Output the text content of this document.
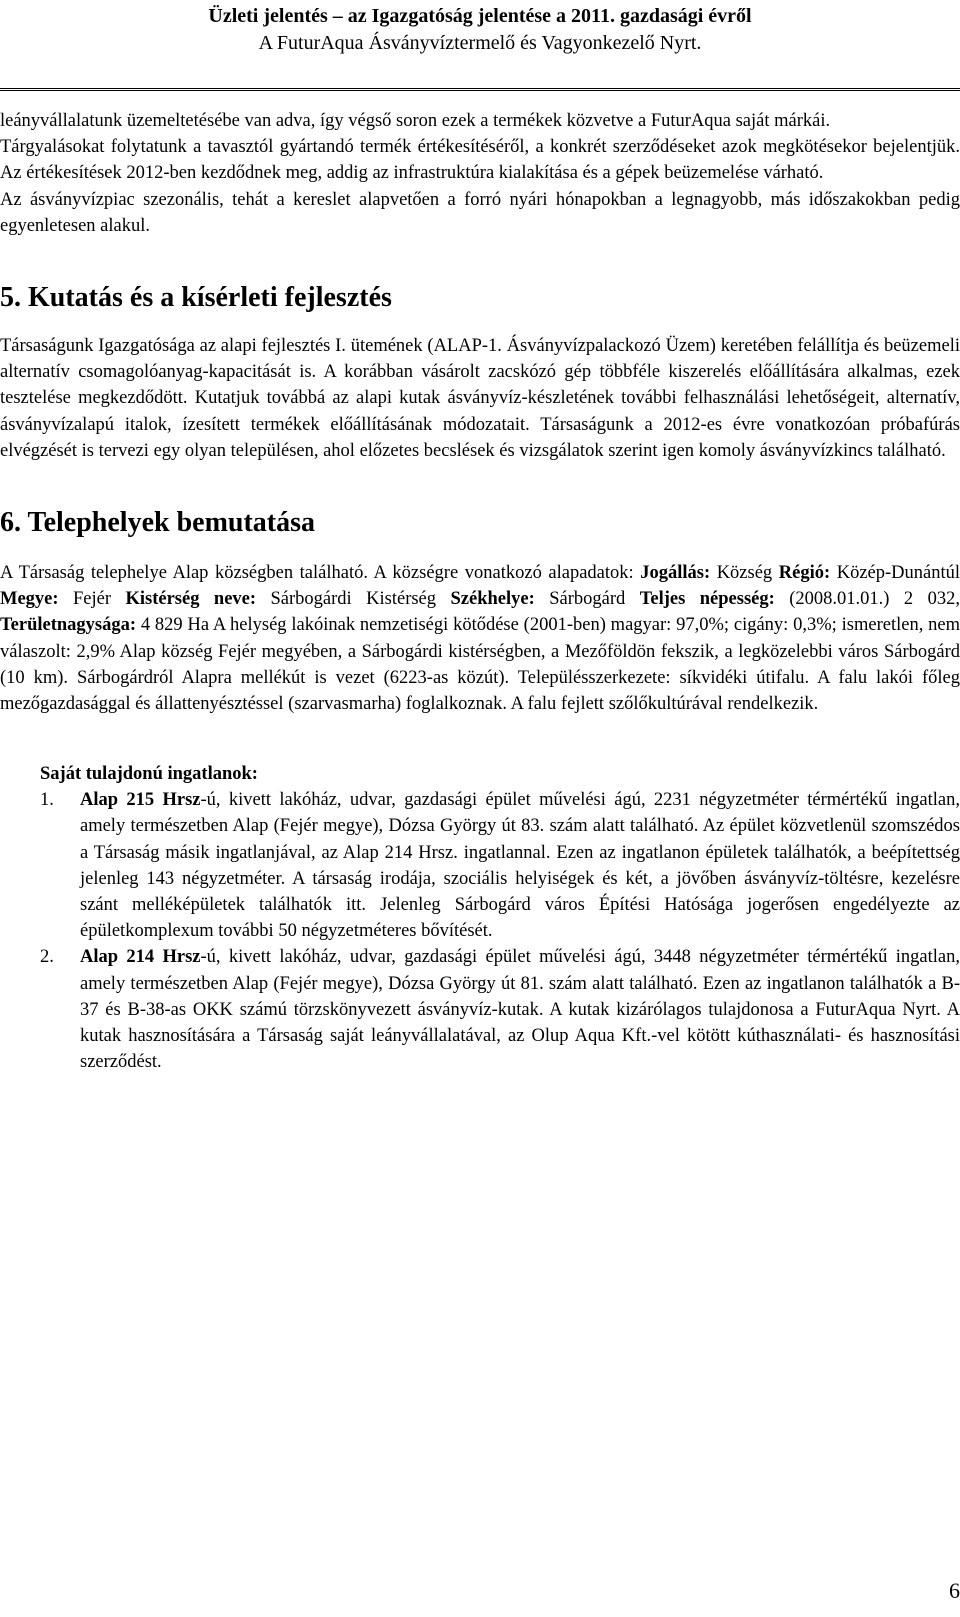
Üzleti jelentés – az Igazgatóság jelentése a 2011. gazdasági évről
A FuturAqua Ásványvíztermelő és Vagyonkezelő Nyrt.

leányvállalatunk üzemeltetésébe van adva, így végső soron ezek a termékek közvetve a FuturAqua saját márkái.

Tárgyalásokat folytatunk a tavasztól gyártandó termék értékesítéséről, a konkrét szerződéseket azok megkötésekor bejelentjük. Az értékesítések 2012-ben kezdődnek meg, addig az infrastruktúra kialakítása és a gépek beüzemelése várható.

Az ásványvízpiac szezonális, tehát a kereslet alapvetően a forró nyári hónapokban a legnagyobb, más időszakokban pedig egyenletesen alakul.

5. Kutatás és a kísérleti fejlesztés

Társaságunk Igazgatósága az alapi fejlesztés I. ütemének (ALAP-1. Ásványvízpalackozó Üzem) keretében felállítja és beüzemeli alternatív csomagolóanyag-kapacitását is. A korábban vásárolt zacskózó gép többféle kiszerelés előállítására alkalmas, ezek tesztelése megkezdődött. Kutatjuk továbbá az alapi kutak ásványvíz-készletének további felhasználási lehetőségeit, alternatív, ásványvízalapú italok, ízesített termékek előállításának módozatait. Társaságunk a 2012-es évre vonatkozóan próbafúrás elvégzését is tervezi egy olyan településen, ahol előzetes becslések és vizsgálatok szerint igen komoly ásványvízkincs található.

6. Telephelyek bemutatása

A Társaság telephelye Alap községben található. A községre vonatkozó alapadatok: Jogállás: Község Régió: Közép-Dunántúl Megye: Fejér Kistérség neve: Sárbogárdi Kistérség Székhelye: Sárbogárd Teljes népesség: (2008.01.01.) 2 032, Területnagysága: 4 829 Ha A helység lakóinak nemzetiségi kötődése (2001-ben) magyar: 97,0%; cigány: 0,3%; ismeretlen, nem válaszolt: 2,9% Alap község Fejér megyében, a Sárbogárdi kistérségben, a Mezőföldön fekszik, a legközelebbi város Sárbogárd (10 km). Sárbogárdról Alapra mellékút is vezet (6223-as közút). Településszerkezete: síkvidéki útifalu. A falu lakói főleg mezőgazdasággal és állattenyésztéssel (szarvasmarha) foglalkoznak. A falu fejlett szőlőkultúrával rendelkezik.

Saját tulajdonú ingatlanok:
1. Alap 215 Hrsz-ú, kivett lakóház, udvar, gazdasági épület művelési ágú, 2231 négyzetméter térmértékű ingatlan, amely természetben Alap (Fejér megye), Dózsa György út 83. szám alatt található. Az épület közvetlenül szomszédos a Társaság másik ingatlanjával, az Alap 214 Hrsz. ingatlannal. Ezen az ingatlanon épületek találhatók, a beépítettség jelenleg 143 négyzetméter. A társaság irodája, szociális helyiségek és két, a jövőben ásványvíz-töltésre, kezelésre szánt melléképületek találhatók itt. Jelenleg Sárbogárd város Építési Hatósága jogerősen engedélyezte az épületkomplexum további 50 négyzetméteres bővítését.
2. Alap 214 Hrsz-ú, kivett lakóház, udvar, gazdasági épület művelési ágú, 3448 négyzetméter térmértékű ingatlan, amely természetben Alap (Fejér megye), Dózsa György út 81. szám alatt található. Ezen az ingatlanon találhatók a B-37 és B-38-as OKK számú törzskönyvezett ásványvíz-kutak. A kutak kizárólagos tulajdonosa a FuturAqua Nyrt. A kutak hasznosítására a Társaság saját leányvállalatával, az Olup Aqua Kft.-vel kötött kúthasználati- és hasznosítási szerződést.
6
